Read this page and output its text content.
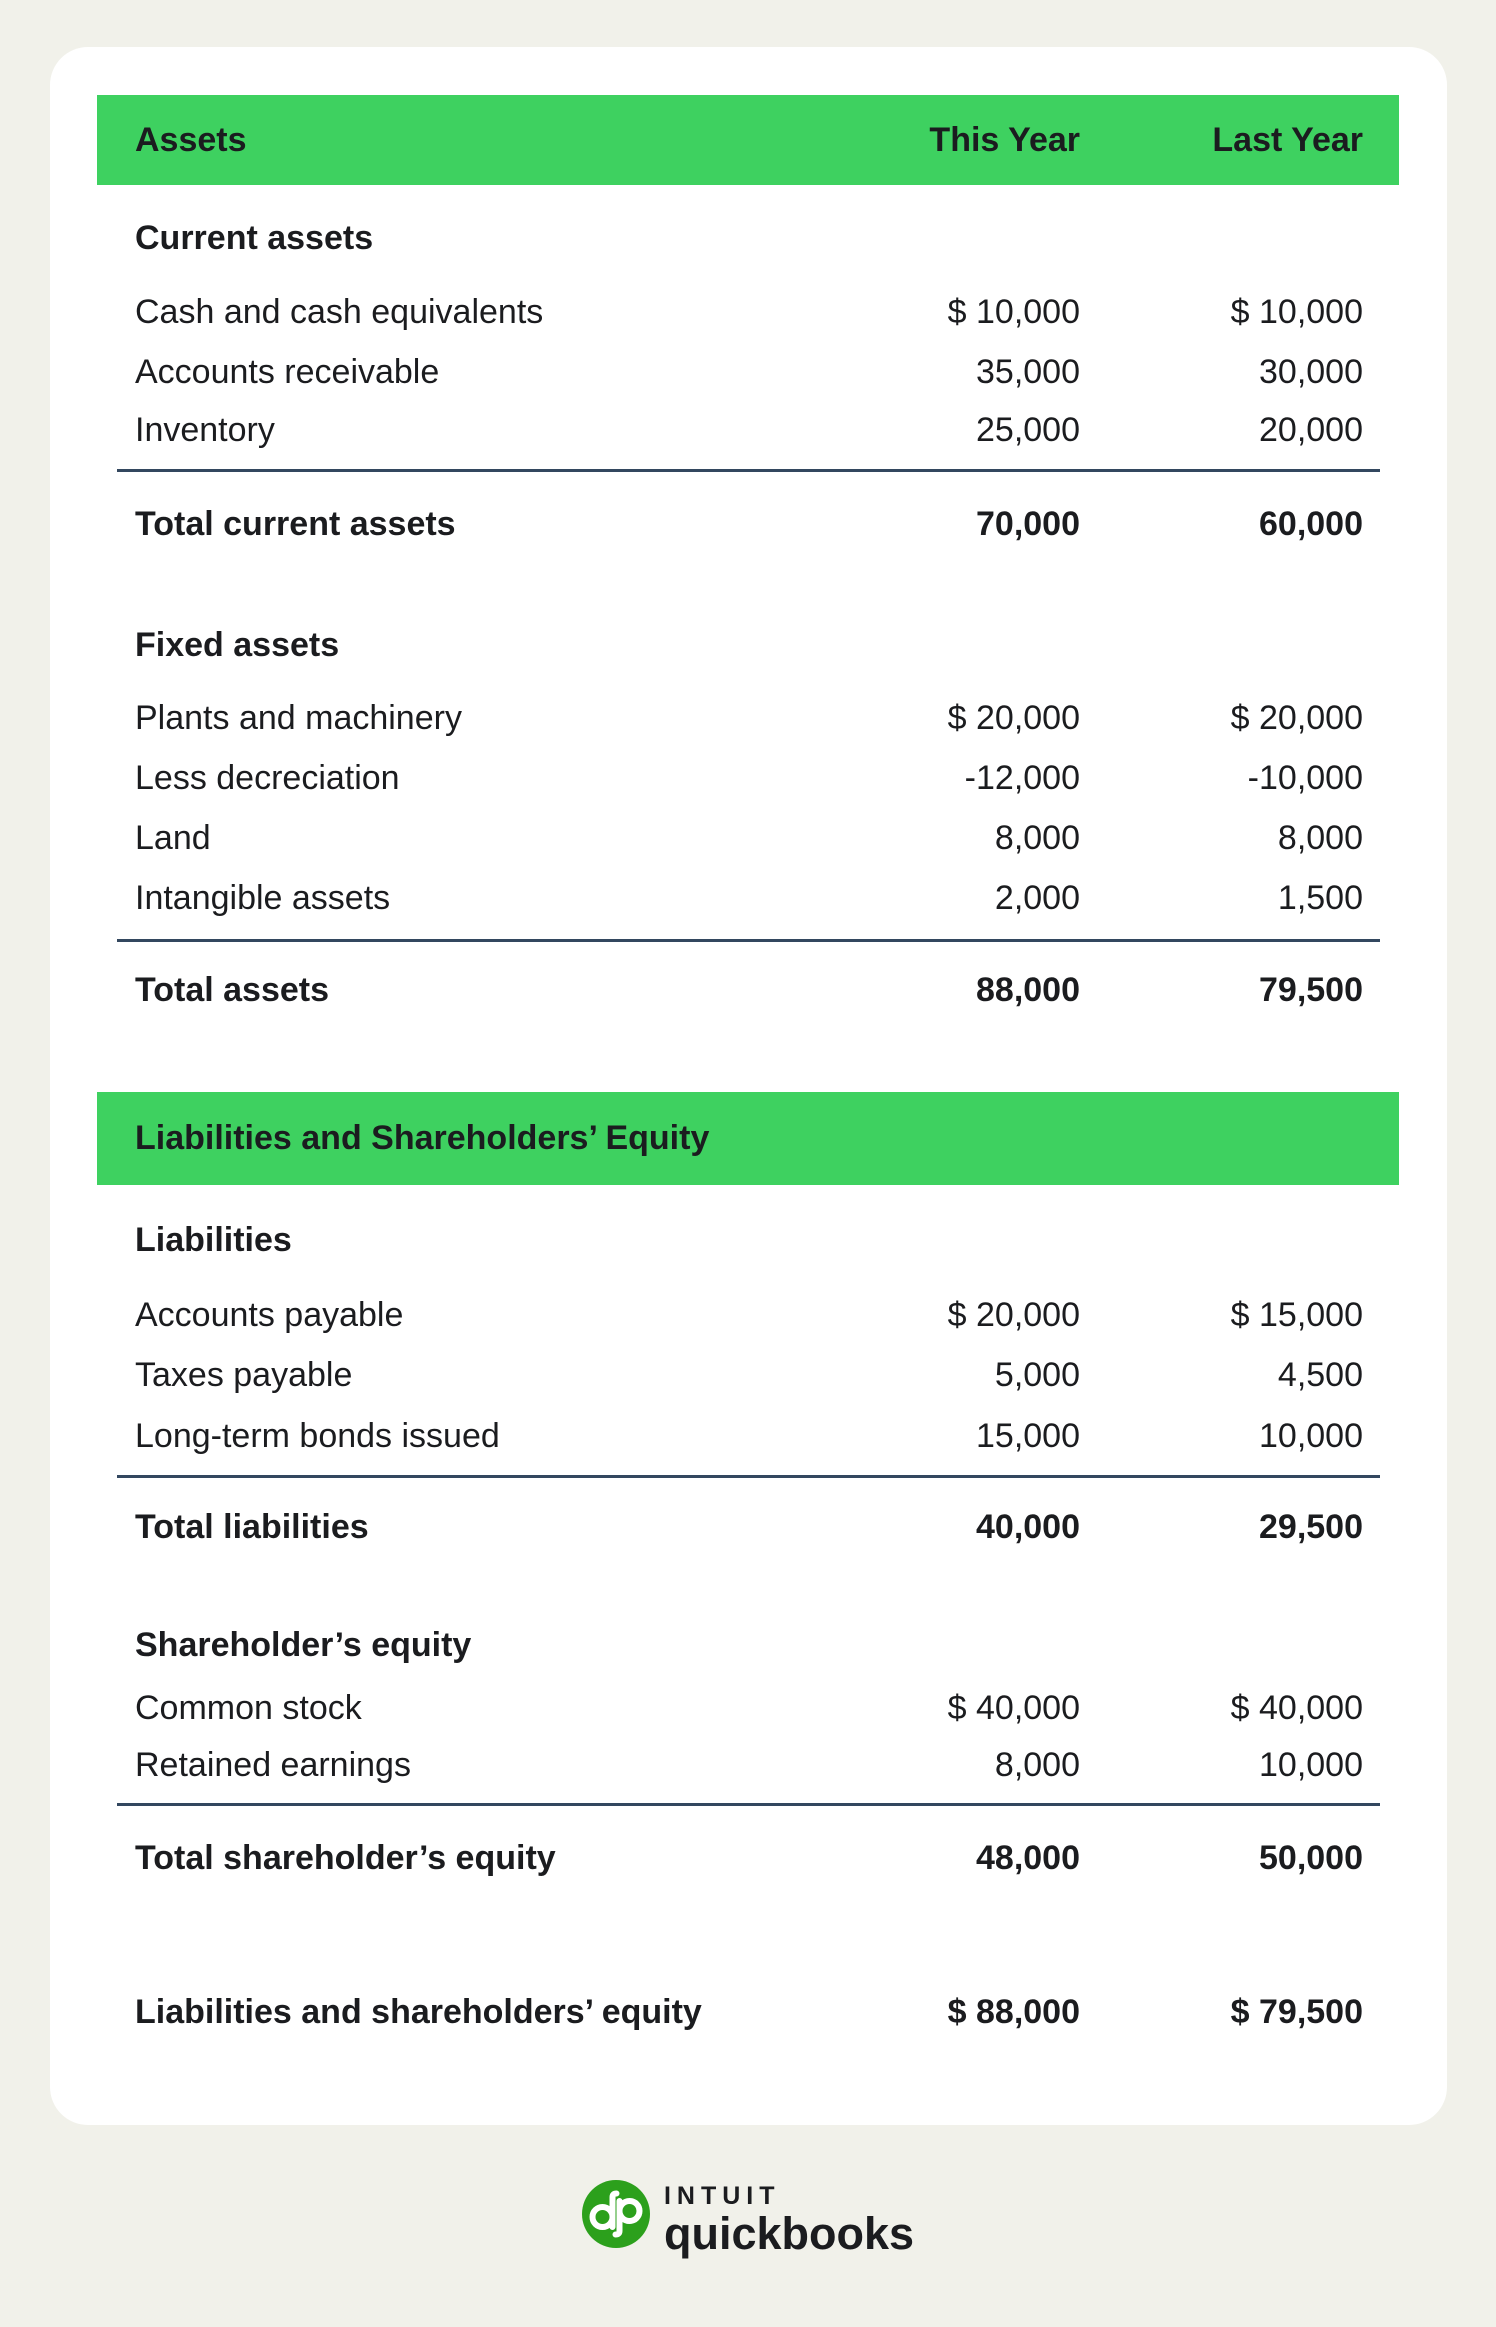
Assets	This Year	Last Year
Current assets
Cash and cash equivalents	$ 10,000	$ 10,000
Accounts receivable	35,000	30,000
Inventory	25,000	20,000
Total current assets	70,000	60,000
Fixed assets
Plants and machinery	$ 20,000	$ 20,000
Less decreciation	-12,000	-10,000
Land	8,000	8,000
Intangible assets	2,000	1,500
Total assets	88,000	79,500
Liabilities and Shareholders’ Equity
Liabilities
Accounts payable	$ 20,000	$ 15,000
Taxes payable	5,000	4,500
Long-term bonds issued	15,000	10,000
Total liabilities	40,000	29,500
Shareholder’s equity
Common stock	$ 40,000	$ 40,000
Retained earnings	8,000	10,000
Total shareholder’s equity	48,000	50,000
Liabilities and shareholders’ equity	$ 88,000	$ 79,500
INTUIT
quickbooks
